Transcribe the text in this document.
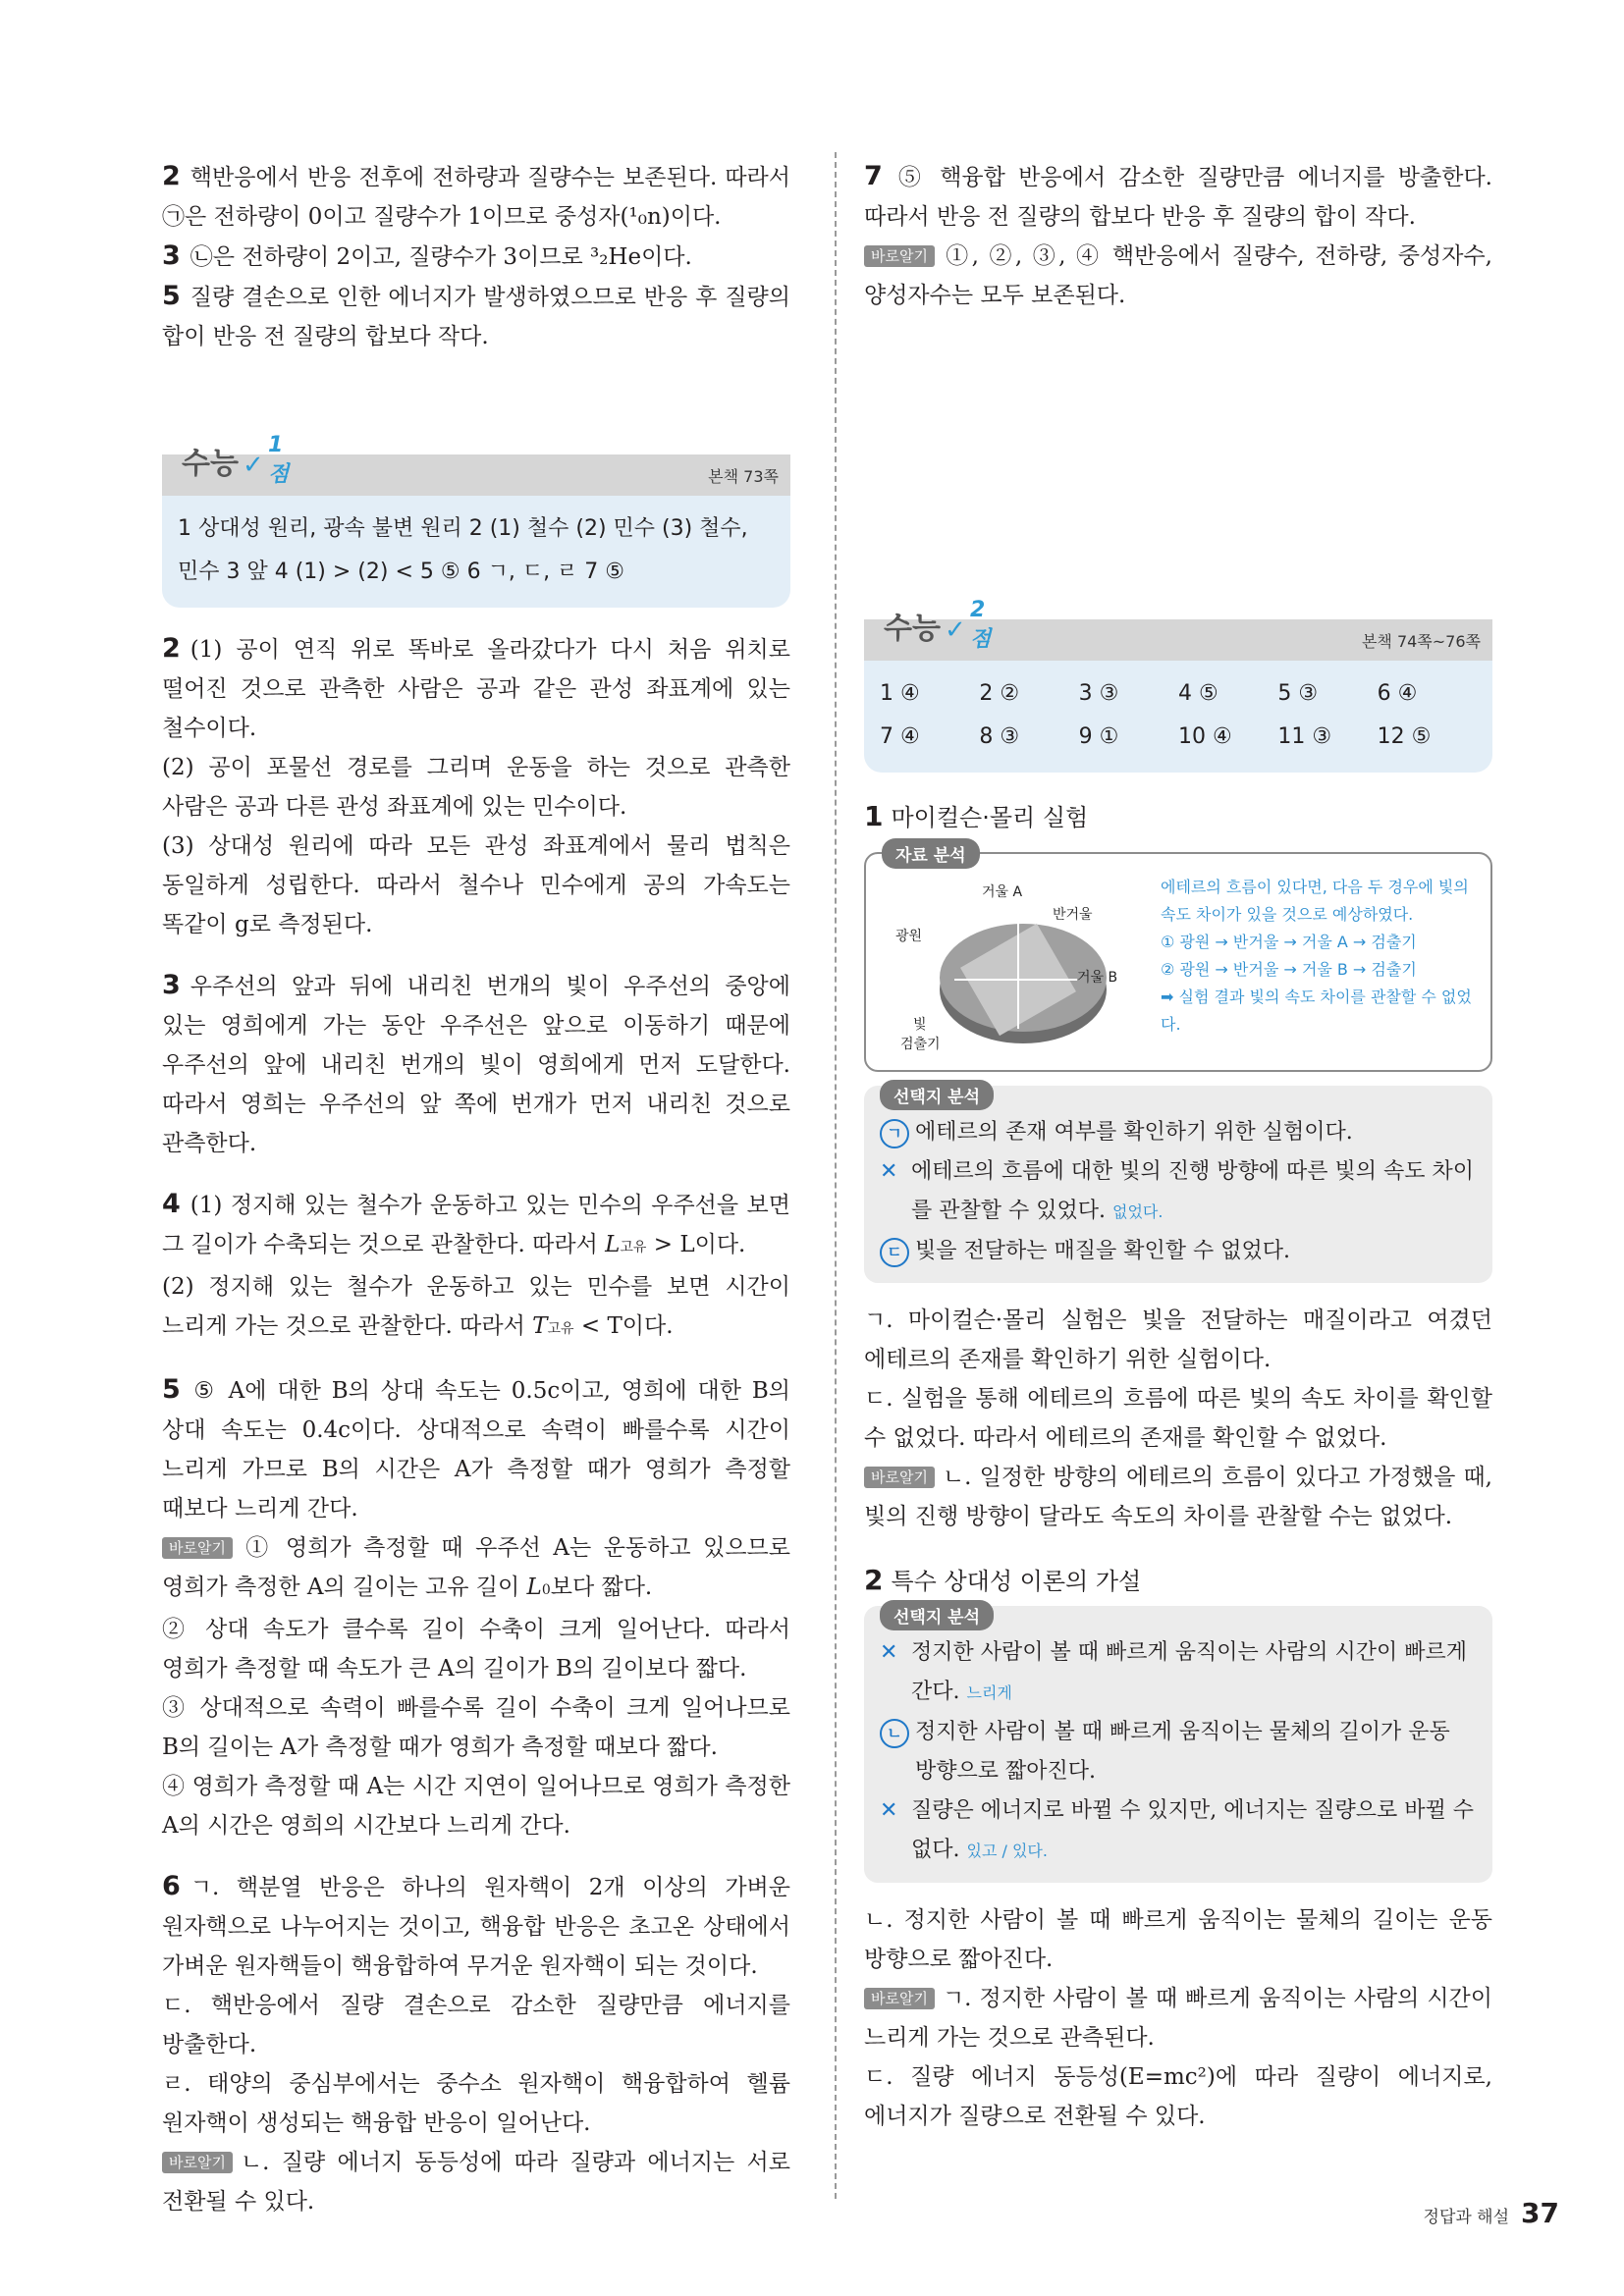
2 핵반응에서 반응 전후에 전하량과 질량수는 보존된다. 따라서 ㉠은 전하량이 0이고 질량수가 1이므로 중성자(¹₀n)이다.

3 ㉡은 전하량이 2이고, 질량수가 3이므로 ³₂He이다.

5 질량 결손으로 인한 에너지가 발생하였으므로 반응 후 질량의 합이 반응 전 질량의 합보다 작다.

수능 ✓
1점	본책 73쪽
1 상대성 원리, 광속 불변 원리 2 (1) 철수 (2) 민수 (3) 철수,
민수 3 앞 4 (1) > (2) < 5 ⑤ 6 ㄱ, ㄷ, ㄹ 7 ⑤

2 (1) 공이 연직 위로 똑바로 올라갔다가 다시 처음 위치로 떨어진 것으로 관측한 사람은 공과 같은 관성 좌표계에 있는 철수이다.

(2) 공이 포물선 경로를 그리며 운동을 하는 것으로 관측한 사람은 공과 다른 관성 좌표계에 있는 민수이다.

(3) 상대성 원리에 따라 모든 관성 좌표계에서 물리 법칙은 동일하게 성립한다. 따라서 철수나 민수에게 공의 가속도는 똑같이 g로 측정된다.

3 우주선의 앞과 뒤에 내리친 번개의 빛이 우주선의 중앙에 있는 영희에게 가는 동안 우주선은 앞으로 이동하기 때문에 우주선의 앞에 내리친 번개의 빛이 영희에게 먼저 도달한다. 따라서 영희는 우주선의 앞 쪽에 번개가 먼저 내리친 것으로 관측한다.

4 (1) 정지해 있는 철수가 운동하고 있는 민수의 우주선을 보면 그 길이가 수축되는 것으로 관찰한다. 따라서 L고유 > L이다.

(2) 정지해 있는 철수가 운동하고 있는 민수를 보면 시간이 느리게 가는 것으로 관찰한다. 따라서 T고유 < T이다.

5 ⑤ A에 대한 B의 상대 속도는 0.5c이고, 영희에 대한 B의 상대 속도는 0.4c이다. 상대적으로 속력이 빠를수록 시간이 느리게 가므로 B의 시간은 A가 측정할 때가 영희가 측정할 때보다 느리게 간다.

바로알기 ① 영희가 측정할 때 우주선 A는 운동하고 있으므로 영희가 측정한 A의 길이는 고유 길이 L0보다 짧다.

② 상대 속도가 클수록 길이 수축이 크게 일어난다. 따라서 영희가 측정할 때 속도가 큰 A의 길이가 B의 길이보다 짧다.

③ 상대적으로 속력이 빠를수록 길이 수축이 크게 일어나므로 B의 길이는 A가 측정할 때가 영희가 측정할 때보다 짧다.

④ 영희가 측정할 때 A는 시간 지연이 일어나므로 영희가 측정한 A의 시간은 영희의 시간보다 느리게 간다.

6 ㄱ. 핵분열 반응은 하나의 원자핵이 2개 이상의 가벼운 원자핵으로 나누어지는 것이고, 핵융합 반응은 초고온 상태에서 가벼운 원자핵들이 핵융합하여 무거운 원자핵이 되는 것이다.

ㄷ. 핵반응에서 질량 결손으로 감소한 질량만큼 에너지를 방출한다.

ㄹ. 태양의 중심부에서는 중수소 원자핵이 핵융합하여 헬륨 원자핵이 생성되는 핵융합 반응이 일어난다.

바로알기 ㄴ. 질량 에너지 동등성에 따라 질량과 에너지는 서로 전환될 수 있다.

7 ⑤ 핵융합 반응에서 감소한 질량만큼 에너지를 방출한다. 따라서 반응 전 질량의 합보다 반응 후 질량의 합이 작다.

바로알기 ①, ②, ③, ④ 핵반응에서 질량수, 전하량, 중성자수, 양성자수는 모두 보존된다.

수능 ✓
2점	본책 74쪽~76쪽
1 ④	2 ②	3 ③	4 ⑤	5 ③	6 ④
7 ④	8 ③	9 ①	10 ④	11 ③	12 ⑤
1 마이컬슨·몰리 실험
자료 분석
거울 A
반거울
광원
거울 B
빛
검출기
에테르의 흐름이 있다면, 다음 두 경우에 빛의 속도 차이가 있을 것으로 예상하였다.
① 광원 → 반거울 → 거울 A → 검출기
② 광원 → 반거울 → 거울 B → 검출기
➡ 실험 결과 빛의 속도 차이를 관찰할 수 없었다.
선택지 분석
ㄱ 에테르의 존재 여부를 확인하기 위한 실험이다.
✕ 에테르의 흐름에 대한 빛의 진행 방향에 따른 빛의 속도 차이를 관찰할 수 있었다. 없었다.
ㄷ 빛을 전달하는 매질을 확인할 수 없었다.

ㄱ. 마이컬슨·몰리 실험은 빛을 전달하는 매질이라고 여겼던 에테르의 존재를 확인하기 위한 실험이다.

ㄷ. 실험을 통해 에테르의 흐름에 따른 빛의 속도 차이를 확인할 수 없었다. 따라서 에테르의 존재를 확인할 수 없었다.

바로알기 ㄴ. 일정한 방향의 에테르의 흐름이 있다고 가정했을 때, 빛의 진행 방향이 달라도 속도의 차이를 관찰할 수는 없었다.

2 특수 상대성 이론의 가설
선택지 분석
✕ 정지한 사람이 볼 때 빠르게 움직이는 사람의 시간이 빠르게 간다. 느리게
ㄴ 정지한 사람이 볼 때 빠르게 움직이는 물체의 길이가 운동 방향으로 짧아진다.
✕ 질량은 에너지로 바뀔 수 있지만, 에너지는 질량으로 바뀔 수 없다. 있고 / 있다.

ㄴ. 정지한 사람이 볼 때 빠르게 움직이는 물체의 길이는 운동 방향으로 짧아진다.

바로알기 ㄱ. 정지한 사람이 볼 때 빠르게 움직이는 사람의 시간이 느리게 가는 것으로 관측된다.

ㄷ. 질량 에너지 동등성(E=mc²)에 따라 질량이 에너지로, 에너지가 질량으로 전환될 수 있다.

정답과 해설 37
